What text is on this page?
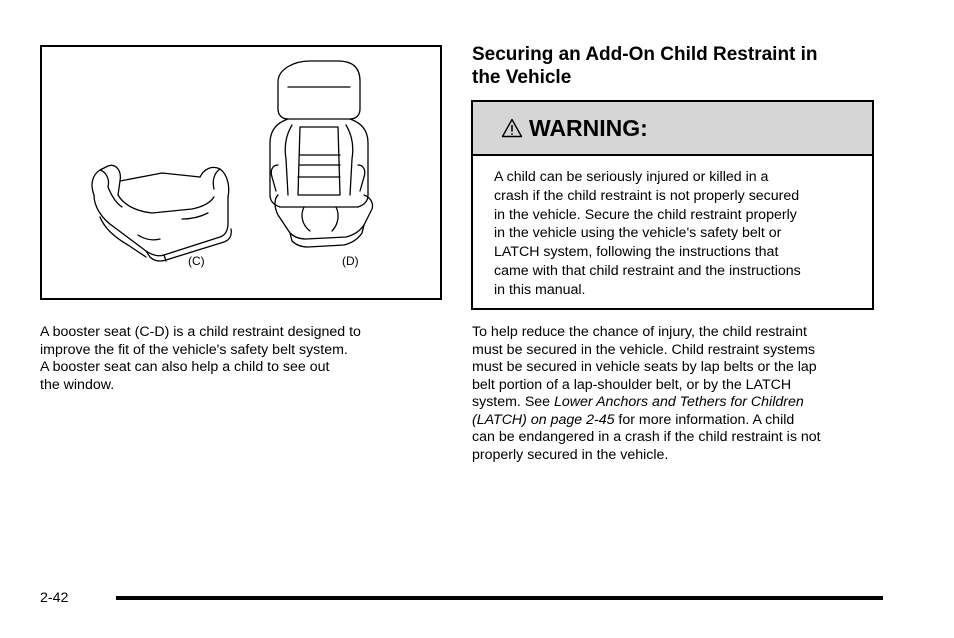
(C)	(D)

A booster seat (C-D) is a child restraint designed to

improve the fit of the vehicle's safety belt system.

A booster seat can also help a child to see out

the window.

Securing an Add-On Child Restraint in
the Vehicle
WARNING:

A child can be seriously injured or killed in a

crash if the child restraint is not properly secured

in the vehicle. Secure the child restraint properly

in the vehicle using the vehicle's safety belt or

LATCH system, following the instructions that

came with that child restraint and the instructions

in this manual.

To help reduce the chance of injury, the child restraint

must be secured in the vehicle. Child restraint systems

must be secured in vehicle seats by lap belts or the lap

belt portion of a lap-shoulder belt, or by the LATCH

system. See Lower Anchors and Tethers for Children

(LATCH) on page 2-45 for more information. A child

can be endangered in a crash if the child restraint is not

properly secured in the vehicle.

2-42
